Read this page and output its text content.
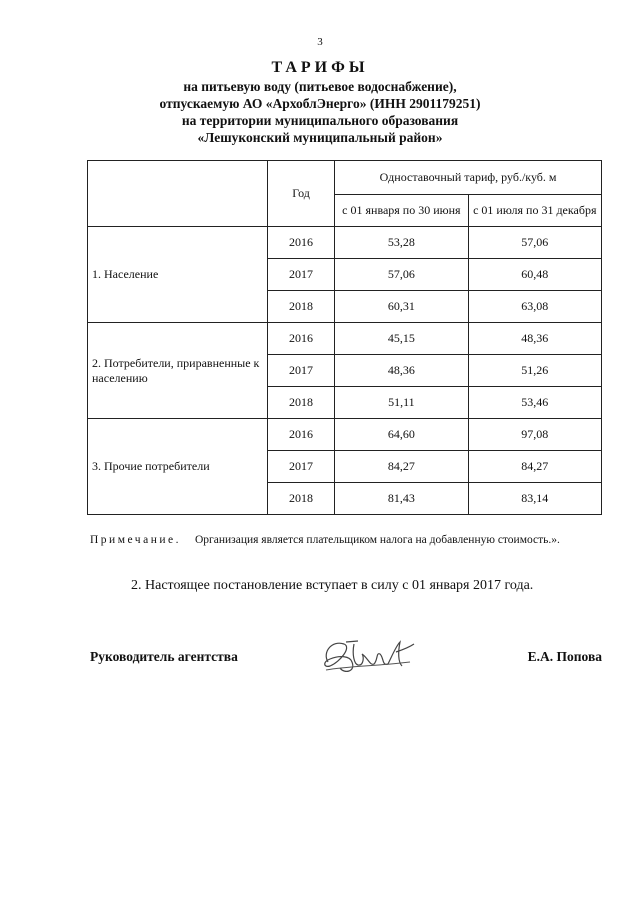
3
ТАРИФЫ
на питьевую воду (питьевое водоснабжение),
отпускаемую АО «АрхоблЭнерго» (ИНН 2901179251)
на территории муниципального образования
«Лешуконский муниципальный район»
	Год	Одноставочный тариф, руб./куб. м	
		с 01 января по 30 июня	с 01 июля по 31 декабря
1. Население	2016	53,28	57,06
	2017	57,06	60,48
	2018	60,31	63,08
2. Потребители, приравненные к населению	2016	45,15	48,36
	2017	48,36	51,26
	2018	51,11	53,46
3. Прочие потребители	2016	64,60	97,08
	2017	84,27	84,27
	2018	81,43	83,14
Примечание. Организация является плательщиком налога на добавленную стоимость.».
2. Настоящее постановление вступает в силу с 01 января 2017 года.
Руководитель агентства	Е.А. Попова
